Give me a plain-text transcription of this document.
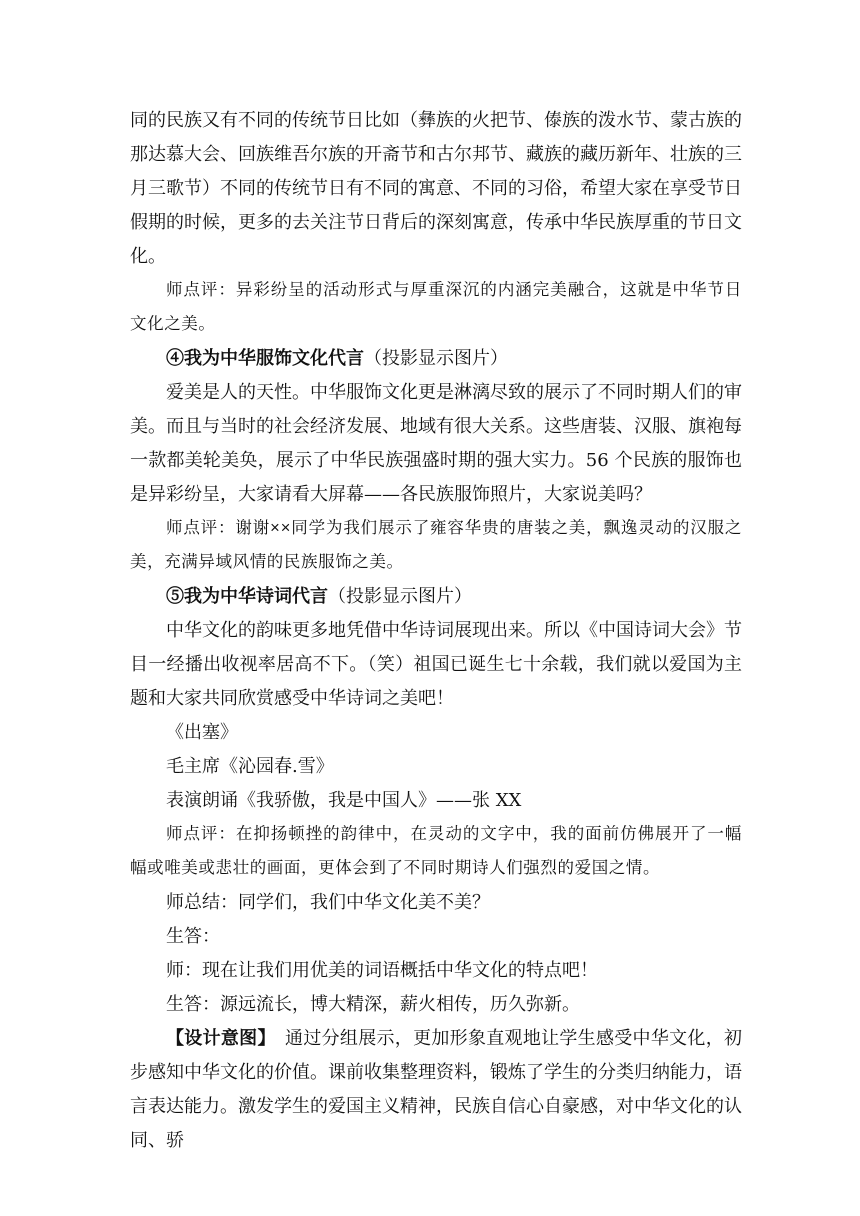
同的民族又有不同的传统节日比如（彝族的火把节、傣族的泼水节、蒙古族的那达慕大会、回族维吾尔族的开斋节和古尔邦节、藏族的藏历新年、壮族的三月三歌节）不同的传统节日有不同的寓意、不同的习俗，希望大家在享受节日假期的时候，更多的去关注节日背后的深刻寓意，传承中华民族厚重的节日文化。

师点评：异彩纷呈的活动形式与厚重深沉的内涵完美融合，这就是中华节日文化之美。

④我为中华服饰文化代言（投影显示图片）

爱美是人的天性。中华服饰文化更是淋漓尽致的展示了不同时期人们的审美。而且与当时的社会经济发展、地域有很大关系。这些唐装、汉服、旗袍每一款都美轮美奂，展示了中华民族强盛时期的强大实力。56 个民族的服饰也是异彩纷呈，大家请看大屏幕——各民族服饰照片，大家说美吗？

师点评：谢谢××同学为我们展示了雍容华贵的唐装之美，飘逸灵动的汉服之美，充满异域风情的民族服饰之美。

⑤我为中华诗词代言（投影显示图片）

中华文化的韵味更多地凭借中华诗词展现出来。所以《中国诗词大会》节目一经播出收视率居高不下。（笑）祖国已诞生七十余载，我们就以爱国为主题和大家共同欣赏感受中华诗词之美吧！

《出塞》

毛主席《沁园春.雪》

表演朗诵《我骄傲，我是中国人》——张 XX

师点评：在抑扬顿挫的韵律中，在灵动的文字中，我的面前仿佛展开了一幅幅或唯美或悲壮的画面，更体会到了不同时期诗人们强烈的爱国之情。

师总结：同学们，我们中华文化美不美？

生答：

师：现在让我们用优美的词语概括中华文化的特点吧！

生答：源远流长，博大精深，薪火相传，历久弥新。

【设计意图】　通过分组展示，更加形象直观地让学生感受中华文化，初步感知中华文化的价值。课前收集整理资料，锻炼了学生的分类归纳能力，语言表达能力。激发学生的爱国主义精神，民族自信心自豪感，对中华文化的认同、骄
